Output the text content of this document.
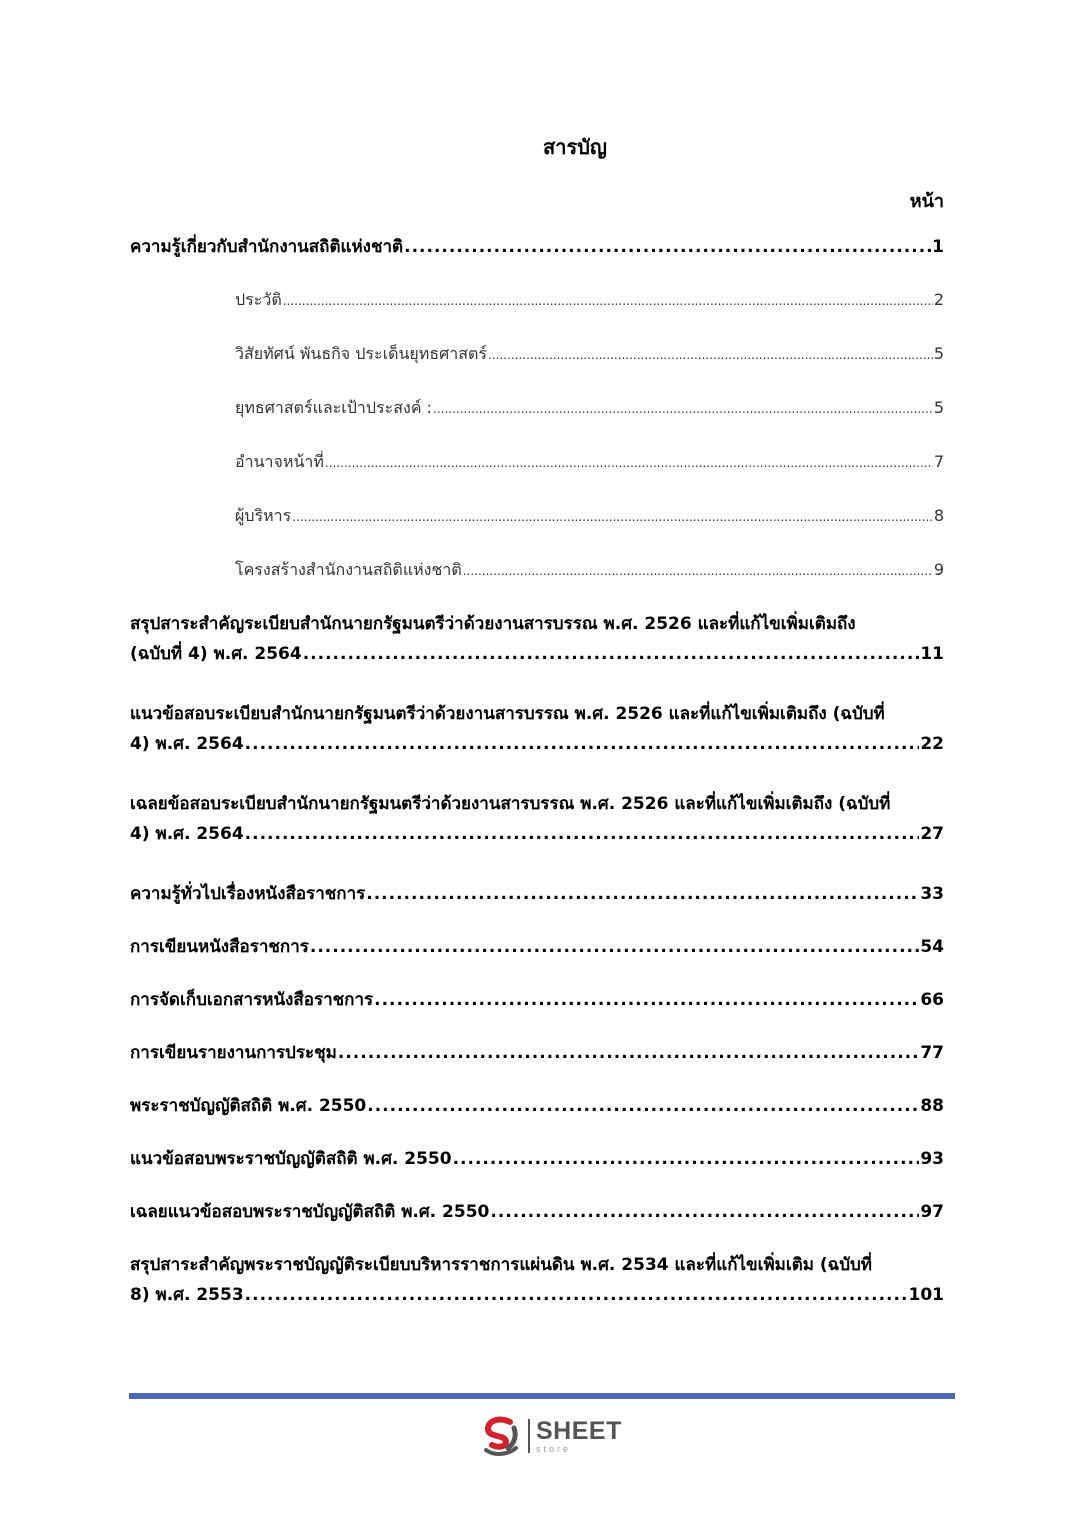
สารบัญ
หน้า
ความรู้เกี่ยวกับสำนักงานสถิติแห่งชาติ .....	1
ประวัติ .....	2
วิสัยทัศน์ พันธกิจ ประเด็นยุทธศาสตร์ .....	5
ยุทธศาสตร์และเป้าประสงค์ : .....	5
อำนาจหน้าที่ .....	7
ผู้บริหาร .....	8
โครงสร้างสำนักงานสถิติแห่งชาติ .....	9
สรุปสาระสำคัญระเบียบสำนักนายกรัฐมนตรีว่าด้วยงานสารบรรณ พ.ศ. 2526 และที่แก้ไขเพิ่มเติมถึง
(ฉบับที่ 4) พ.ศ. 2564 .....	11
แนวข้อสอบระเบียบสำนักนายกรัฐมนตรีว่าด้วยงานสารบรรณ พ.ศ. 2526 และที่แก้ไขเพิ่มเติมถึง (ฉบับที่
4) พ.ศ. 2564 .....	22
เฉลยข้อสอบระเบียบสำนักนายกรัฐมนตรีว่าด้วยงานสารบรรณ พ.ศ. 2526 และที่แก้ไขเพิ่มเติมถึง (ฉบับที่
4) พ.ศ. 2564 .....	27
ความรู้ทั่วไปเรื่องหนังสือราชการ .....	33
การเขียนหนังสือราชการ .....	54
การจัดเก็บเอกสารหนังสือราชการ .....	66
การเขียนรายงานการประชุม .....	77
พระราชบัญญัติสถิติ พ.ศ. 2550 .....	88
แนวข้อสอบพระราชบัญญัติสถิติ พ.ศ. 2550 .....	93
เฉลยแนวข้อสอบพระราชบัญญัติสถิติ พ.ศ. 2550 .....	97
สรุปสาระสำคัญพระราชบัญญัติระเบียบบริหารราชการแผ่นดิน พ.ศ. 2534 และที่แก้ไขเพิ่มเติม (ฉบับที่
8) พ.ศ. 2553 .....	101
SHEET
store
